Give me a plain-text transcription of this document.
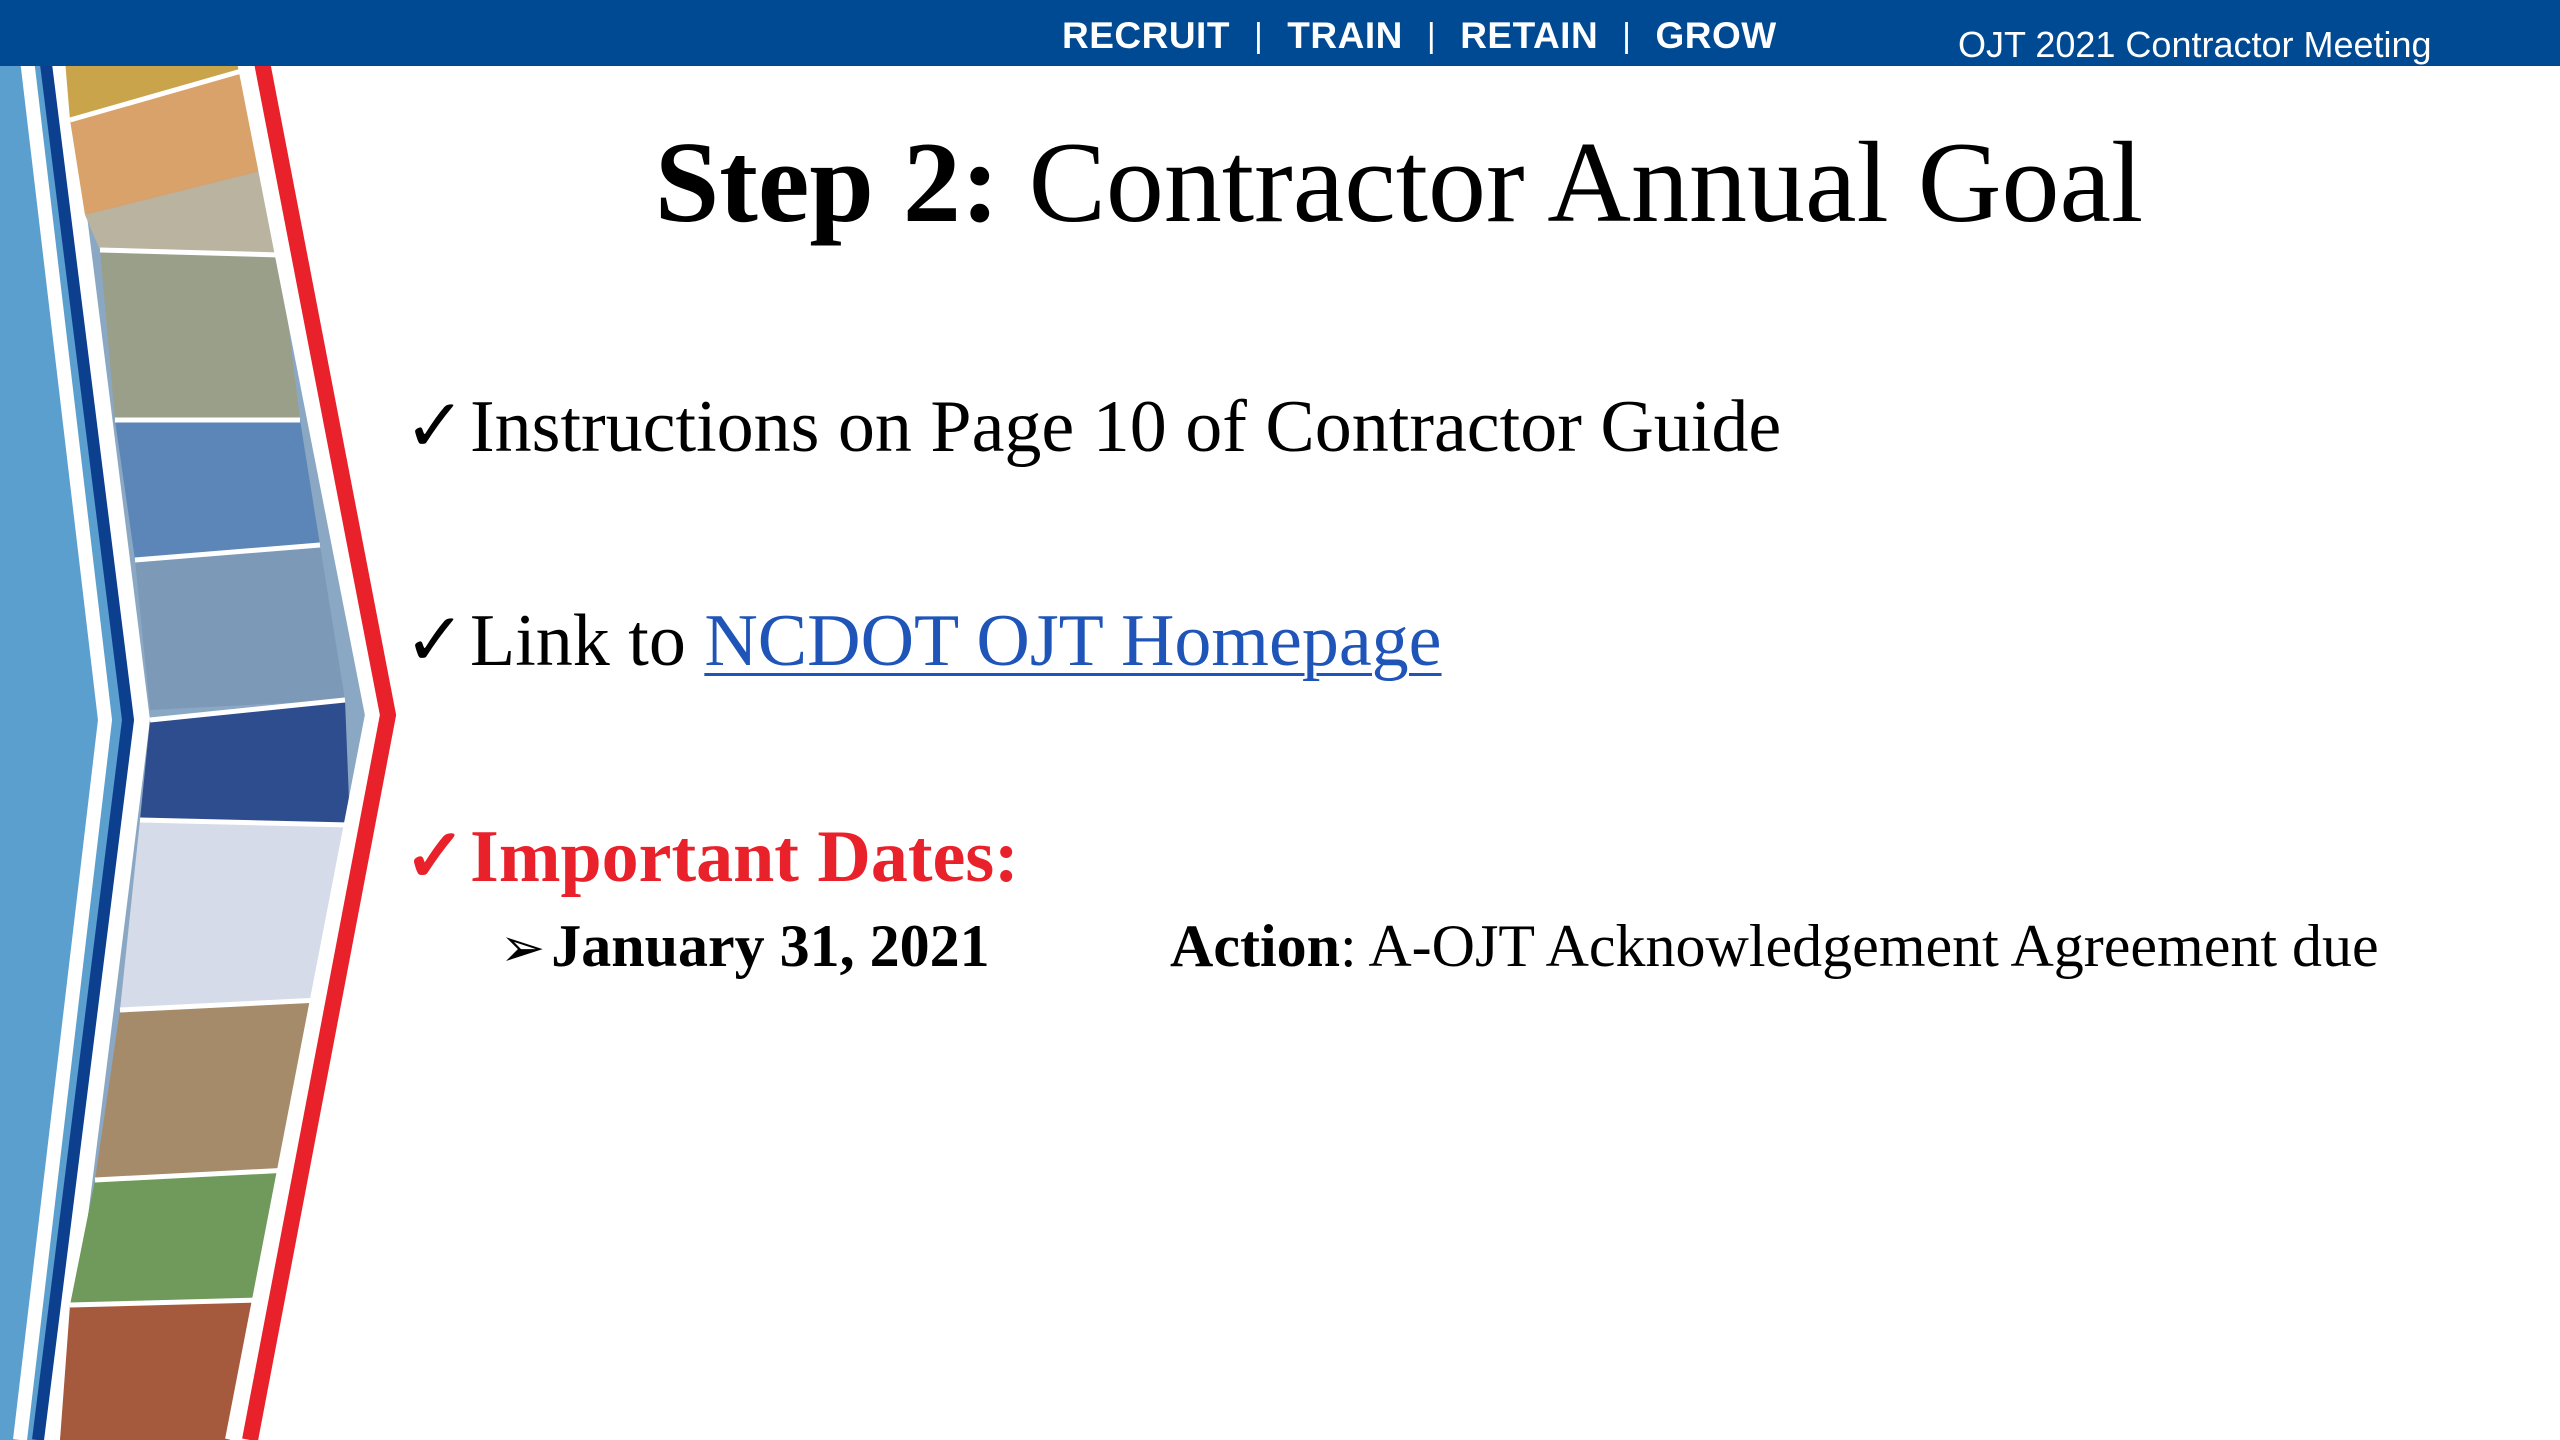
RECRUIT | TRAIN | RETAIN | GROW	OJT 2021 Contractor Meeting
Step 2: Contractor Annual Goal
✓Instructions on Page 10 of Contractor Guide
✓Link to NCDOT OJT Homepage
✓Important Dates:
➢ January 31, 2021	Action: A-OJT Acknowledgement Agreement due
